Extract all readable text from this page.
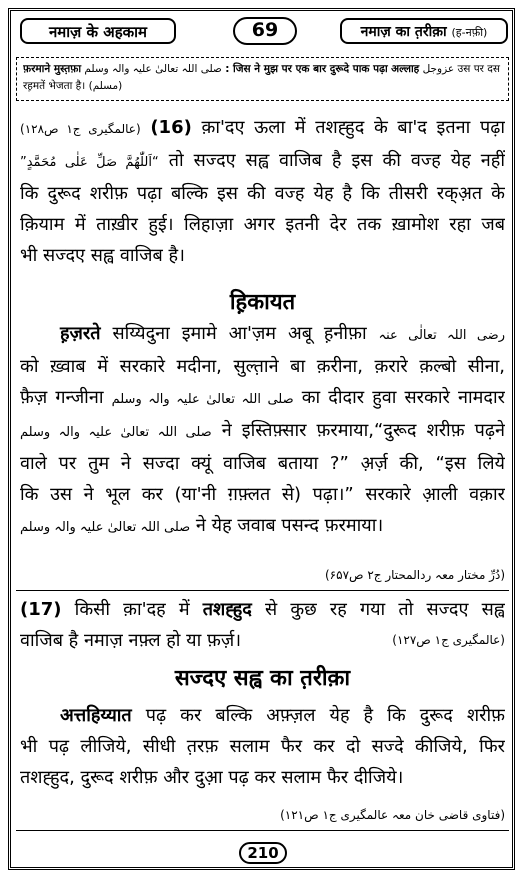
नमाज़ के अहकाम	69	नमाज़ का त़रीक़ा (ह-नफ़ी)
फ़रमाने मुस्त़फ़ा صلی اللہ تعالیٰ علیہ والہ وسلم : जिस ने मुझ पर एक बार दुरूदे पाक पढ़ा अल्लाह عزوجل उस पर दस
रह़मतें भेजता है। (مسلم)
(عالمگیری ج۱ ص۱۲۸) (16) क़ा'दए ऊला में तशह्हुद के बा'द इतना पढ़ा
“اَللّٰھُمَّ صَلِّ عَلٰی مُحَمَّدٍ” तो सज्दए सह्व वाजिब है इस की वज्ह येह नहीं
कि दुरूद शरीफ़ पढ़ा बल्कि इस की वज्ह येह है कि तीसरी रक्अ़त के
क़ियाम में ताख़ीर हुई। लिहाज़ा अगर इतनी देर तक ख़ामोश रहा जब
भी सज्दए सह्व वाजिब है।
ह़िकायत
ह़ज़रते सय्यिदुना इमामे आ'ज़म अबू ह़नीफ़ा رضی اللہ تعالٰی عنہ
को ख़्वाब में सरकारे मदीना, सुल्त़ाने बा क़रीना, क़रारे क़ल्बो सीना,
फ़ैज़ गन्जीना صلی اللہ تعالیٰ علیہ والہ وسلم का दीदार हुवा सरकारे नामदार
صلی اللہ تعالیٰ علیہ والہ وسلم ने इस्तिफ़्सार फ़रमाया,“दुरूद शरीफ़ पढ़ने
वाले पर तुम ने सज्दा क्यूं वाजिब बताया ?” अ़र्ज़ की, “इस लिये
कि उस ने भूल कर (या'नी ग़फ़्लत से) पढ़ा।” सरकारे आ़ली वक़ार
صلی اللہ تعالیٰ علیہ والہ وسلم ने येह जवाब पसन्द फ़रमाया।
(دُرِّ مختار معہ ردالمحتار ج۲ ص۶۵۷)
(17) किसी क़ा'दह में तशह्हुद से कुछ रह गया तो सज्दए सह्व
वाजिब है नमाज़ नफ़्ल हो या फ़र्ज़।	(عالمگیری ج۱ ص۱۲۷)
सज्दए सह्व का त़रीक़ा
अत्तहिय्यात पढ़ कर बल्कि अफ़्ज़ल येह है कि दुरूद शरीफ़
भी पढ़ लीजिये, सीधी त़रफ़ सलाम फैर कर दो सज्दे कीजिये, फिर
तशह्हुद, दुरूद शरीफ़ और दुआ़ पढ़ कर सलाम फैर दीजिये।
(فتاوی قاضی خان معہ عالمگیری ج۱ ص۱۲۱)
210
